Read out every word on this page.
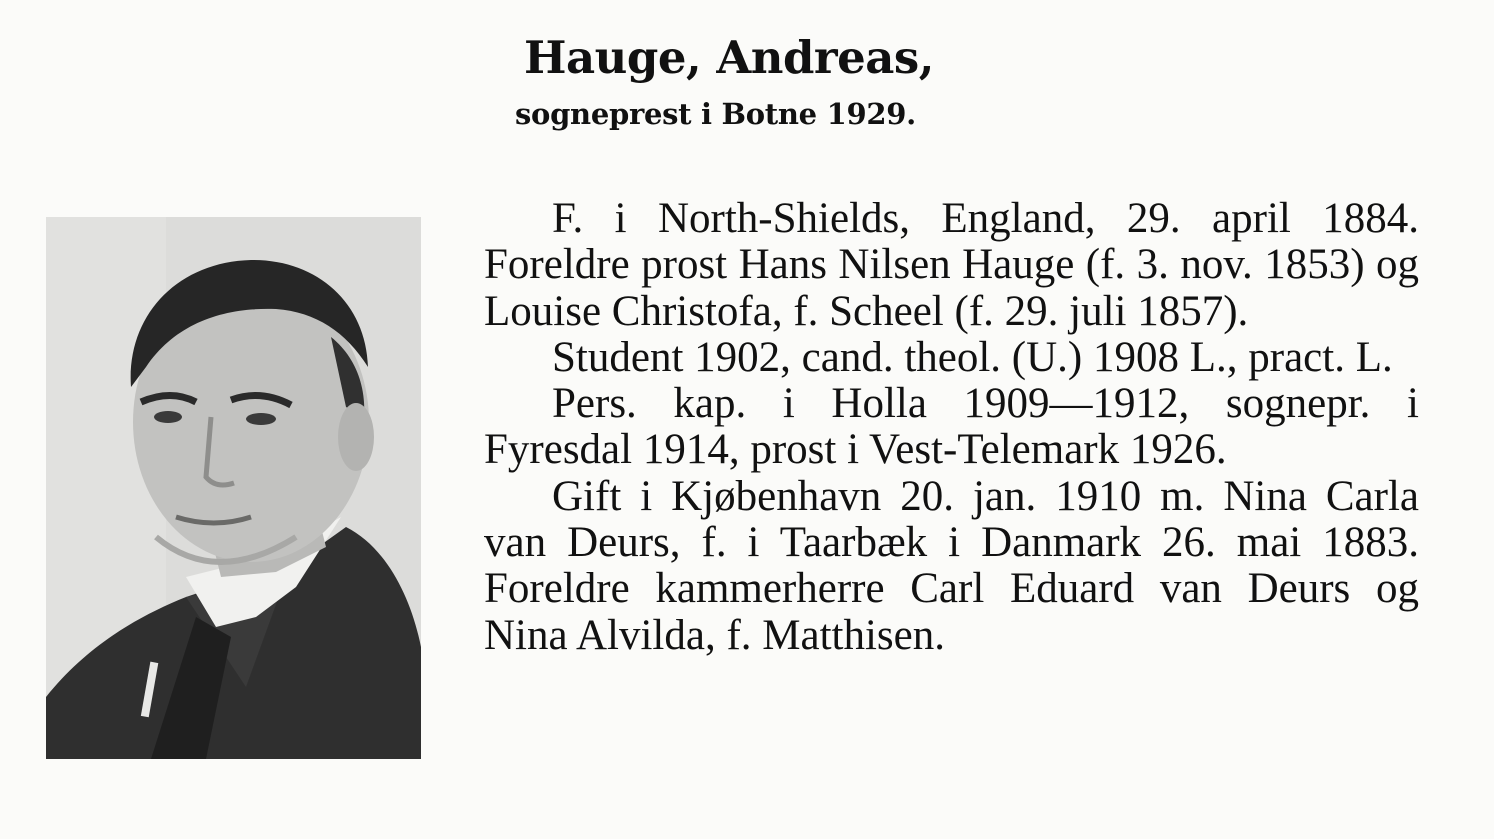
Hauge, Andreas,
sogneprest i Botne 1929.

F. i North-Shields, England, 29. april 1884. Foreldre prost Hans Nilsen Hauge (f. 3. nov. 1853) og Louise Christofa, f. Scheel (f. 29. juli 1857).

Student 1902, cand. theol. (U.) 1908 L., pract. L.

Pers. kap. i Holla 1909—1912, sognepr. i Fyresdal 1914, prost i Vest-Telemark 1926.

Gift i Kjøbenhavn 20. jan. 1910 m. Nina Carla van Deurs, f. i Taarbæk i Danmark 26. mai 1883. Foreldre kammerherre Carl Eduard van Deurs og Nina Alvilda, f. Matthisen.
